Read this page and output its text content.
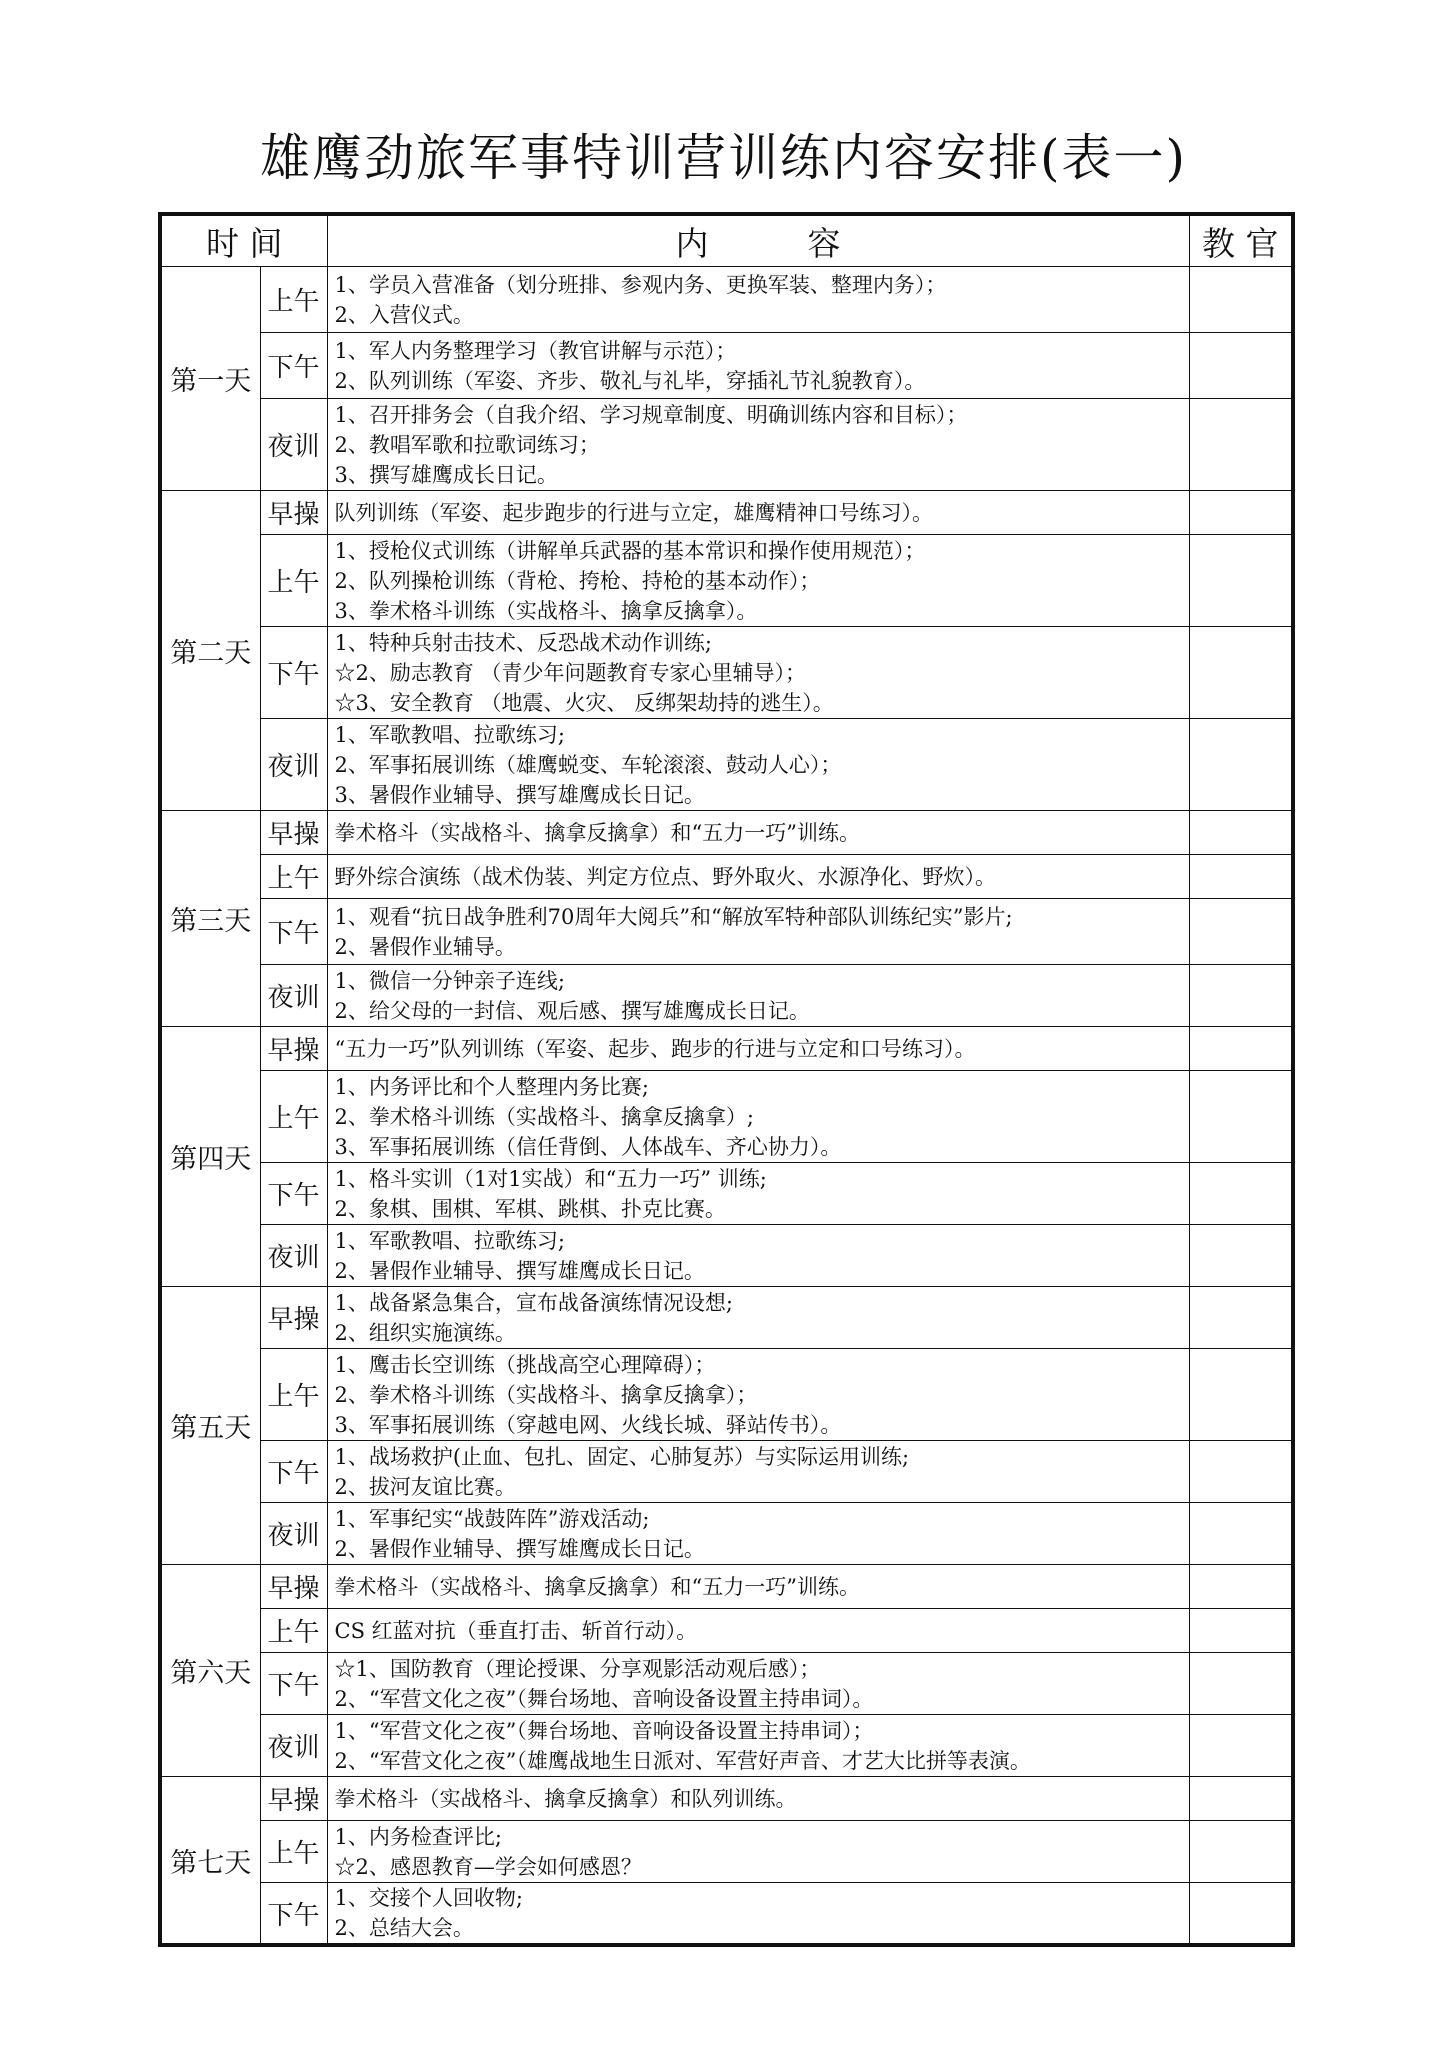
雄鹰劲旅军事特训营训练内容安排(表一)
时 间		内　　　容	教 官
第一天	上午	1、学员入营准备（划分班排、参观内务、更换军装、整理内务）；
2、入营仪式。	

	下午	1、军人内务整理学习（教官讲解与示范）；
2、队列训练（军姿、齐步、敬礼与礼毕，穿插礼节礼貌教育）。	

	夜训	1、召开排务会（自我介绍、学习规章制度、明确训练内容和目标）；
2、教唱军歌和拉歌词练习；
3、撰写雄鹰成长日记。	

第二天	早操	队列训练（军姿、起步跑步的行进与立定，雄鹰精神口号练习）。	

	上午	1、授枪仪式训练（讲解单兵武器的基本常识和操作使用规范）；
2、队列操枪训练（背枪、挎枪、持枪的基本动作）；
3、拳术格斗训练（实战格斗、擒拿反擒拿）。	

	下午	1、特种兵射击技术、反恐战术动作训练;
☆2、励志教育 （青少年问题教育专家心里辅导）；
☆3、安全教育 （地震、火灾、 反绑架劫持的逃生）。	

	夜训	1、军歌教唱、拉歌练习;
2、军事拓展训练（雄鹰蜕变、车轮滚滚、鼓动人心）；
3、暑假作业辅导、撰写雄鹰成长日记。	

第三天	早操	拳术格斗（实战格斗、擒拿反擒拿）和“五力一巧”训练。	

	上午	野外综合演练（战术伪装、判定方位点、野外取火、水源净化、野炊）。	

	下午	1、观看“抗日战争胜利70周年大阅兵”和“解放军特种部队训练纪实”影片;
2、暑假作业辅导。	

	夜训	1、微信一分钟亲子连线;
2、给父母的一封信、观后感、撰写雄鹰成长日记。	

第四天	早操	“五力一巧”队列训练（军姿、起步、跑步的行进与立定和口号练习）。	

	上午	1、内务评比和个人整理内务比赛;
2、拳术格斗训练（实战格斗、擒拿反擒拿）;
3、军事拓展训练（信任背倒、人体战车、齐心协力）。	

	下午	1、格斗实训（1对1实战）和“五力一巧” 训练;
2、象棋、围棋、军棋、跳棋、扑克比赛。	

	夜训	1、军歌教唱、拉歌练习;
2、暑假作业辅导、撰写雄鹰成长日记。	

第五天	早操	1、战备紧急集合，宣布战备演练情况设想;
2、组织实施演练。	

	上午	1、鹰击长空训练（挑战高空心理障碍）；
2、拳术格斗训练（实战格斗、擒拿反擒拿）；
3、军事拓展训练（穿越电网、火线长城、驿站传书）。	

	下午	1、战场救护(止血、包扎、固定、心肺复苏）与实际运用训练;
2、拔河友谊比赛。	

	夜训	1、军事纪实“战鼓阵阵”游戏活动;
2、暑假作业辅导、撰写雄鹰成长日记。	

第六天	早操	拳术格斗（实战格斗、擒拿反擒拿）和“五力一巧”训练。	

	上午	CS 红蓝对抗（垂直打击、斩首行动）。	

	下午	☆1、国防教育（理论授课、分享观影活动观后感）；
2、“军营文化之夜”（舞台场地、音响设备设置主持串词）。	

	夜训	1、“军营文化之夜”（舞台场地、音响设备设置主持串词）；
2、“军营文化之夜”（雄鹰战地生日派对、军营好声音、才艺大比拼等表演。	

第七天	早操	拳术格斗（实战格斗、擒拿反擒拿）和队列训练。	

	上午	1、内务检查评比;
☆2、感恩教育—学会如何感恩？	

	下午	1、交接个人回收物;
2、总结大会。	
